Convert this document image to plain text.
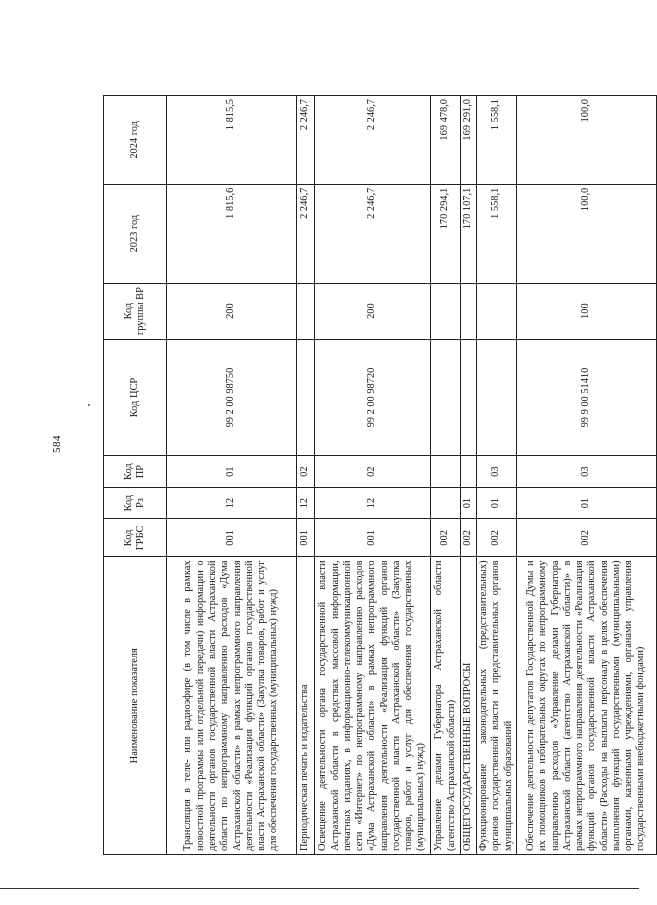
584
Наименование показателя	Код ГРБС	Код Рз	Код ПР	Код ЦСР	Код группы ВР	2023 год	2024 год
Трансляция в теле- или радиоэфире (в том числе в рамках новостной программы или отдельной передачи) информации о деятельности органов государственной власти Астраханской области по непрограммному направлению расходов «Дума Астраханской области» в рамках непрограммного направления деятельности «Реализация функций органов государственной власти Астраханской области» (Закупка товаров, работ и услуг для обеспечения государственных (муниципальных) нужд)	001	12	01	99 2 00 98750	200	1 815,6	1 815,5
Периодическая печать и издательства	001	12	02			2 246,7	2 246,7
Освещение деятельности органа государственной власти Астраханской области в средствах массовой информации, печатных изданиях, в информационно-телекоммуникационной сети «Интернет» по непрограммному направлению расходов «Дума Астраханской области» в рамках непрограммного направления деятельности «Реализация функций органов государственной власти Астраханской области» (Закупка товаров, работ и услуг для обеспечения государственных (муниципальных) нужд)	001	12	02	99 2 00 98720	200	2 246,7	2 246,7
Управление делами Губернатора Астраханской области (агентство Астраханской области)	002					170 294,1	169 478,0
ОБЩЕГОСУДАРСТВЕННЫЕ ВОПРОСЫ	002	01				170 107,1	169 291,0
Функционирование законодательных (представительных) органов государственной власти и представительных органов муниципальных образований	002	01	03			1 558,1	1 558,1
Обеспечение деятельности депутатов Государственной Думы и их помощников в избирательных округах по непрограммному направлению расходов «Управление делами Губернатора Астраханской области (агентство Астраханской области)» в рамках непрограммного направления деятельности «Реализация функций органов государственной власти Астраханской области» (Расходы на выплаты персоналу в целях обеспечения выполнения функций государственными (муниципальными) органами, казенными учреждениями, органами управления государственными внебюджетными фондами)	002	01	03	99 9 00 51410	100	100,0	100,0
